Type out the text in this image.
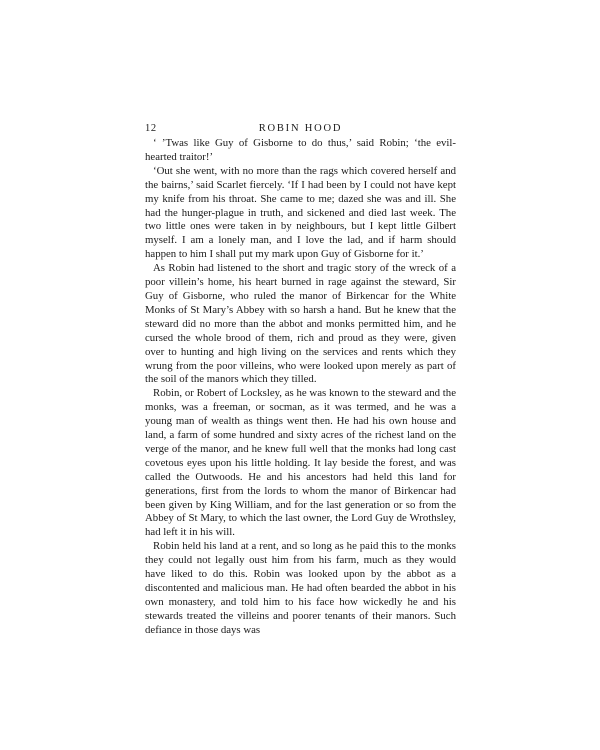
12	ROBIN HOOD

‘ ’Twas like Guy of Gisborne to do thus,’ said Robin; ‘the evil-hearted traitor!’

‘Out she went, with no more than the rags which covered herself and the bairns,’ said Scarlet fiercely. ‘If I had been by I could not have kept my knife from his throat. She came to me; dazed she was and ill. She had the hunger-plague in truth, and sickened and died last week. The two little ones were taken in by neighbours, but I kept little Gilbert myself. I am a lonely man, and I love the lad, and if harm should happen to him I shall put my mark upon Guy of Gisborne for it.’

As Robin had listened to the short and tragic story of the wreck of a poor villein’s home, his heart burned in rage against the steward, Sir Guy of Gisborne, who ruled the manor of Birkencar for the White Monks of St Mary’s Abbey with so harsh a hand. But he knew that the steward did no more than the abbot and monks permitted him, and he cursed the whole brood of them, rich and proud as they were, given over to hunting and high living on the services and rents which they wrung from the poor villeins, who were looked upon merely as part of the soil of the manors which they tilled.

Robin, or Robert of Locksley, as he was known to the steward and the monks, was a freeman, or socman, as it was termed, and he was a young man of wealth as things went then. He had his own house and land, a farm of some hundred and sixty acres of the richest land on the verge of the manor, and he knew full well that the monks had long cast covetous eyes upon his little holding. It lay beside the forest, and was called the Outwoods. He and his ancestors had held this land for generations, first from the lords to whom the manor of Birkencar had been given by King William, and for the last generation or so from the Abbey of St Mary, to which the last owner, the Lord Guy de Wrothsley, had left it in his will.

Robin held his land at a rent, and so long as he paid this to the monks they could not legally oust him from his farm, much as they would have liked to do this. Robin was looked upon by the abbot as a discontented and malicious man. He had often bearded the abbot in his own monastery, and told him to his face how wickedly he and his stewards treated the villeins and poorer tenants of their manors. Such defiance in those days was
